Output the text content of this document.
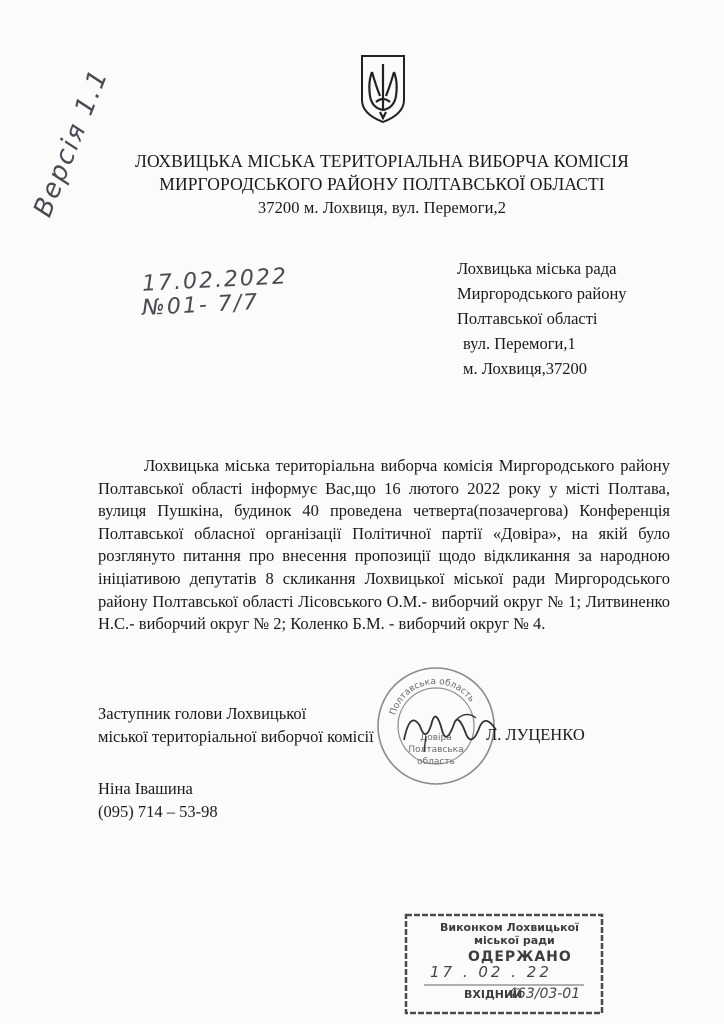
Версія 1.1
17.02.2022
№01- 7/7
ЛОХВИЦЬКА МІСЬКА ТЕРИТОРІАЛЬНА ВИБОРЧА КОМІСІЯ
МИРГОРОДСЬКОГО РАЙОНУ ПОЛТАВСЬКОЇ ОБЛАСТІ
37200 м. Лохвиця, вул. Перемоги,2
Лохвицька міська рада
Миргородського району
Полтавської області
вул. Перемоги,1
м. Лохвиця,37200
Лохвицька міська територіальна виборча комісія Миргородського району Полтавської області інформує Вас,що 16 лютого 2022 року у місті Полтава, вулиця Пушкіна, будинок 40 проведена четверта(позачергова) Конференція Полтавської обласної організації Політичної партії «Довіра», на якій було розглянуто питання про внесення пропозиції щодо відкликання за народною ініціативою депутатів 8 скликання Лохвицької міської ради Миргородського району Полтавської області Лісовського О.М.- виборчий округ № 1; Литвиненко Н.С.- виборчий округ № 2; Коленко Б.М. - виборчий округ № 4.
Полтавська область
Довіра
Полтавська
область
Заступник голови Лохвицької
міської територіальної виборчої комісії	Л. ЛУЦЕНКО
Ніна Івашина
(095) 714 – 53-98
Виконком Лохвицької
міської ради
ОДЕРЖАНО
17 . 02 . 22
ВХІДНИЙ
463/03-01
